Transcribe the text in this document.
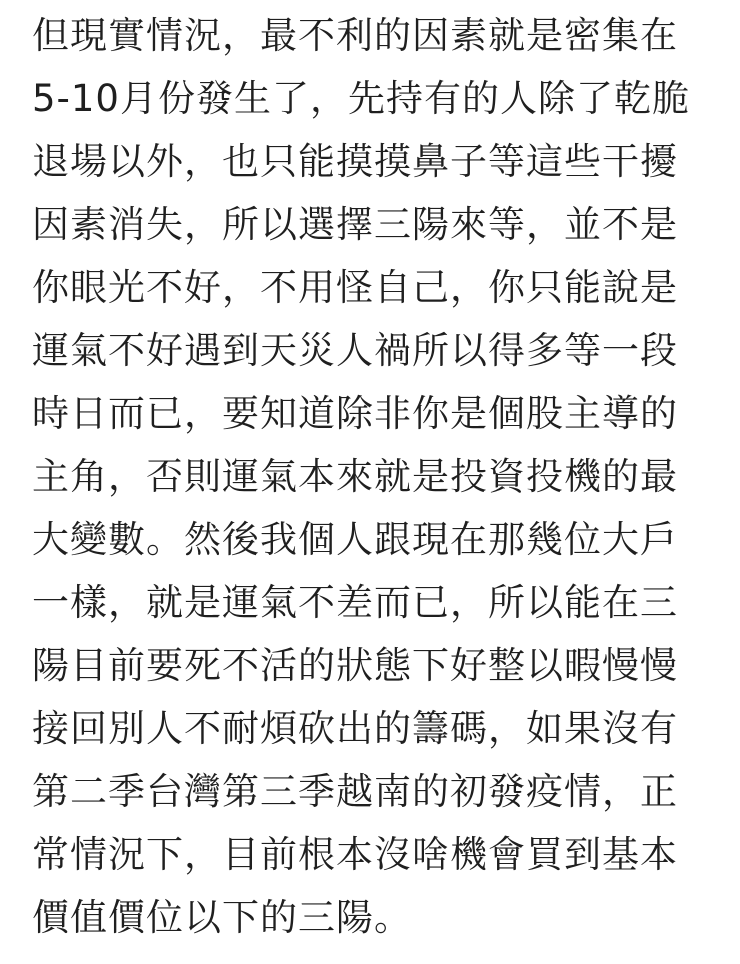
但現實情況，最不利的因素就是密集在
5-10月份發生了，先持有的人除了乾脆
退場以外，也只能摸摸鼻子等這些干擾
因素消失，所以選擇三陽來等，並不是
你眼光不好，不用怪自己，你只能說是
運氣不好遇到天災人禍所以得多等一段
時日而已，要知道除非你是個股主導的
主角，否則運氣本來就是投資投機的最
大變數。然後我個人跟現在那幾位大戶
一樣，就是運氣不差而已，所以能在三
陽目前要死不活的狀態下好整以暇慢慢
接回別人不耐煩砍出的籌碼，如果沒有
第二季台灣第三季越南的初發疫情，正
常情況下，目前根本沒啥機會買到基本
價值價位以下的三陽。
